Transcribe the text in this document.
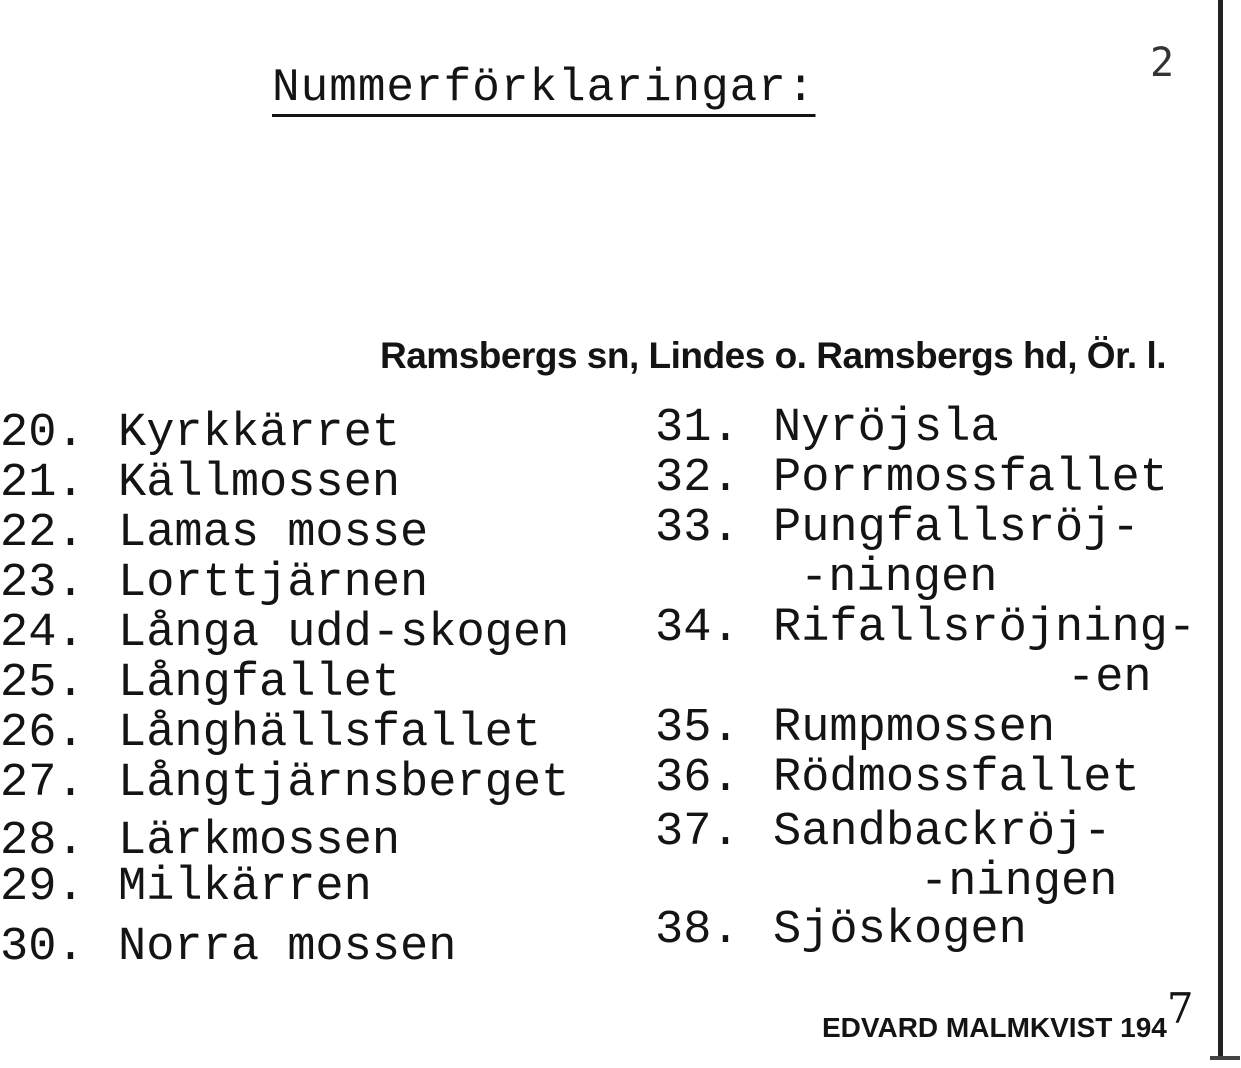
2
Nummerförklaringar:
Ramsbergs sn, Lindes o. Ramsbergs hd, Ör. l.
20. Kyrkkärret
21. Källmossen
22. Lamas mosse
23. Lorttjärnen
24. Långa udd-skogen
25. Långfallet
26. Långhällsfallet
27. Långtjärnsberget
28. Lärkmossen
29. Milkärren
30. Norra mossen
31. Nyröjsla
32. Porrmossfallet
33. Pungfallsröj-
-ningen
34. Rifallsröjning-
-en
35. Rumpmossen
36. Rödmossfallet
37. Sandbackröj-
-ningen
38. Sjöskogen
EDVARD MALMKVIST 1947
